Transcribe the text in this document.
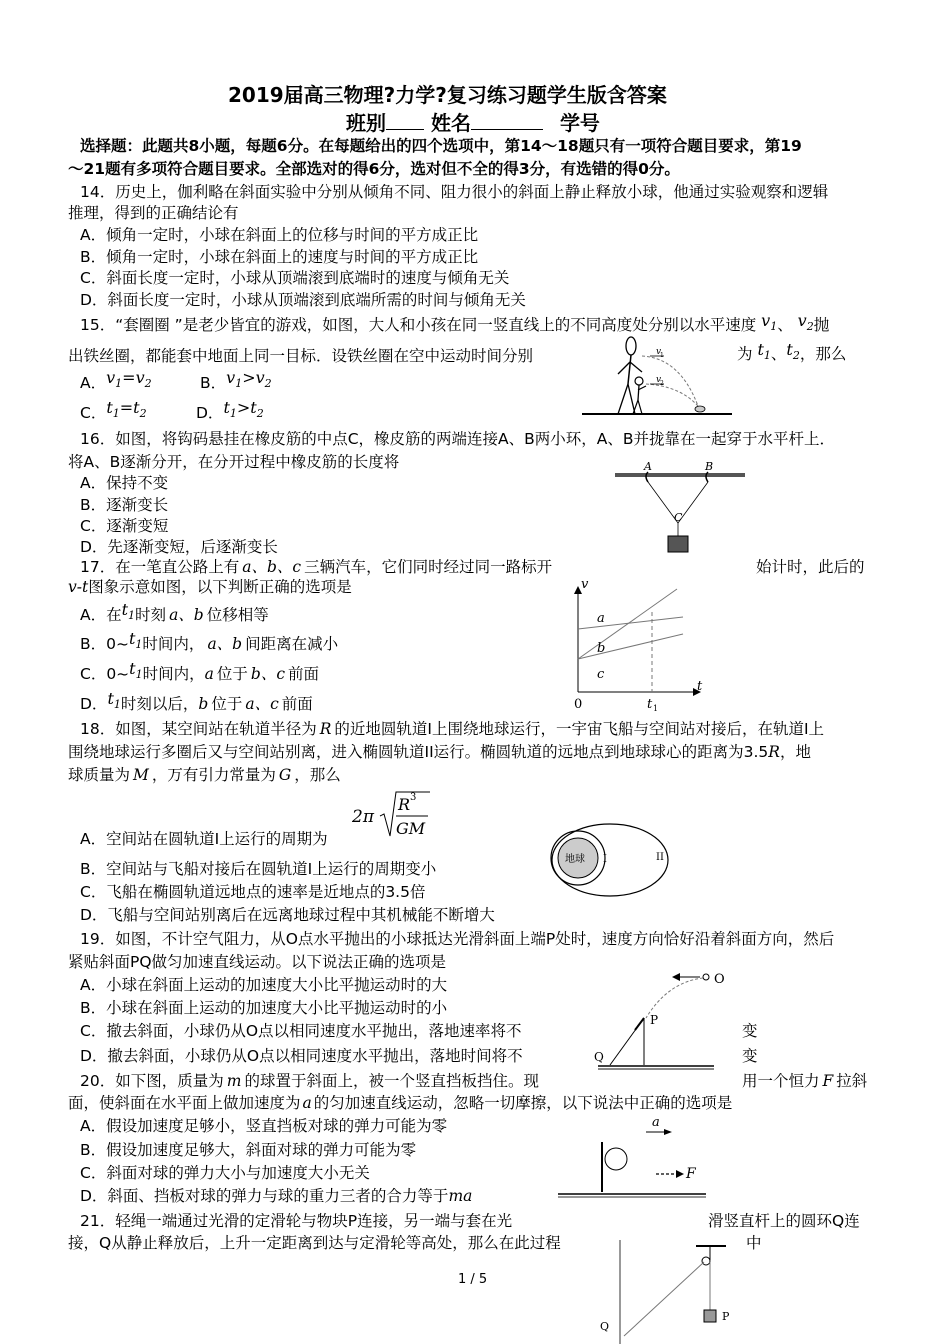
2019届高三物理?力学?复习练习题学生版含答案
班别 姓名	学号
选择题：此题共8小题，每题6分。在每题给出的四个选项中，第14～18题只有一项符合题目要求，第19
～21题有多项符合题目要求。全部选对的得6分，选对但不全的得3分，有选错的得0分。
14．历史上，伽利略在斜面实验中分别从倾角不同、阻力很小的斜面上静止释放小球，他通过实验观察和逻辑
推理，得到的正确结论有
A．倾角一定时，小球在斜面上的位移与时间的平方成正比
B．倾角一定时，小球在斜面上的速度与时间的平方成正比
C．斜面长度一定时，小球从顶端滚到底端时的速度与倾角无关
D．斜面长度一定时，小球从顶端滚到底端所需的时间与倾角无关
15．“套圈圈 ”是老少皆宜的游戏，如图，大人和小孩在同一竖直线上的不同高度处分别以水平速度 $v_1$、 $v_2$抛
出铁丝圈，都能套中地面上同一目标．设铁丝圈在空中运动时间分别	为 $t_1$、$t_2$，那么
A．$v_1=v_2$	B．$v_1>v_2$
C．$t_1=t_2$	D．$t_1>t_2$
v
1
v
2
16．如图，将钩码悬挂在橡皮筋的中点C，橡皮筋的两端连接A、B两小环，A、B并拢靠在一起穿于水平杆上．
将A、B逐渐分开，在分开过程中橡皮筋的长度将
A．保持不变
B．逐渐变长
C．逐渐变短
D．先逐渐变短，后逐渐变长
A	B
C
17．在一笔直公路上有 a、b、c 三辆汽车，它们同时经过同一路标开	始计时，此后的
v-t图象示意如图，以下判断正确的选项是
A．在$t_1$时刻 a、b 位移相等
B．$0\sim t_1$时间内， a、b 间距离在减小
C．$0\sim t_1$时间内，a 位于 b、c 前面
D．$t_1$时刻以后，b 位于 a、c 前面
v
t
0
a
b
c
t 1
18．如图，某空间站在轨道半径为 R 的近地圆轨道Ⅰ上围绕地球运行，一宇宙飞船与空间站对接后，在轨道Ⅰ上
围绕地球运行多圈后又与空间站别离，进入椭圆轨道II运行。椭圆轨道的远地点到地球球心的距离为3.5R，地
球质量为 M ，万有引力常量为 G ，那么
2π
R 3
GM
A．空间站在圆轨道Ⅰ上运行的周期为
B．空间站与飞船对接后在圆轨道Ⅰ上运行的周期变小
C．飞船在椭圆轨道远地点的速率是近地点的3.5倍
D．飞船与空间站别离后在远离地球过程中其机械能不断增大
地球 I	II
19．如图，不计空气阻力，从O点水平抛出的小球抵达光滑斜面上端P处时，速度方向恰好沿着斜面方向，然后
紧贴斜面PQ做匀加速直线运动。以下说法正确的选项是
A．小球在斜面上运动的加速度大小比平抛运动时的大
B．小球在斜面上运动的加速度大小比平抛运动时的小
C．撤去斜面，小球仍从O点以相同速度水平抛出，落地速率将不	变
D．撤去斜面，小球仍从O点以相同速度水平抛出，落地时间将不	变
O
P
Q
20．如下图，质量为 m 的球置于斜面上，被一个竖直挡板挡住。现	用一个恒力 F 拉斜
面，使斜面在水平面上做加速度为 a 的匀加速直线运动，忽略一切摩擦，以下说法中正确的选项是
A．假设加速度足够小，竖直挡板对球的弹力可能为零
B．假设加速度足够大，斜面对球的弹力可能为零
C．斜面对球的弹力大小与加速度大小无关
D．斜面、挡板对球的弹力与球的重力三者的合力等于ma
a
F
21．轻绳一端通过光滑的定滑轮与物块P连接，另一端与套在光	滑竖直杆上的圆环Q连
接，Q从静止释放后，上升一定距离到达与定滑轮等高处，那么在此过程	中
P
Q
1 / 5
